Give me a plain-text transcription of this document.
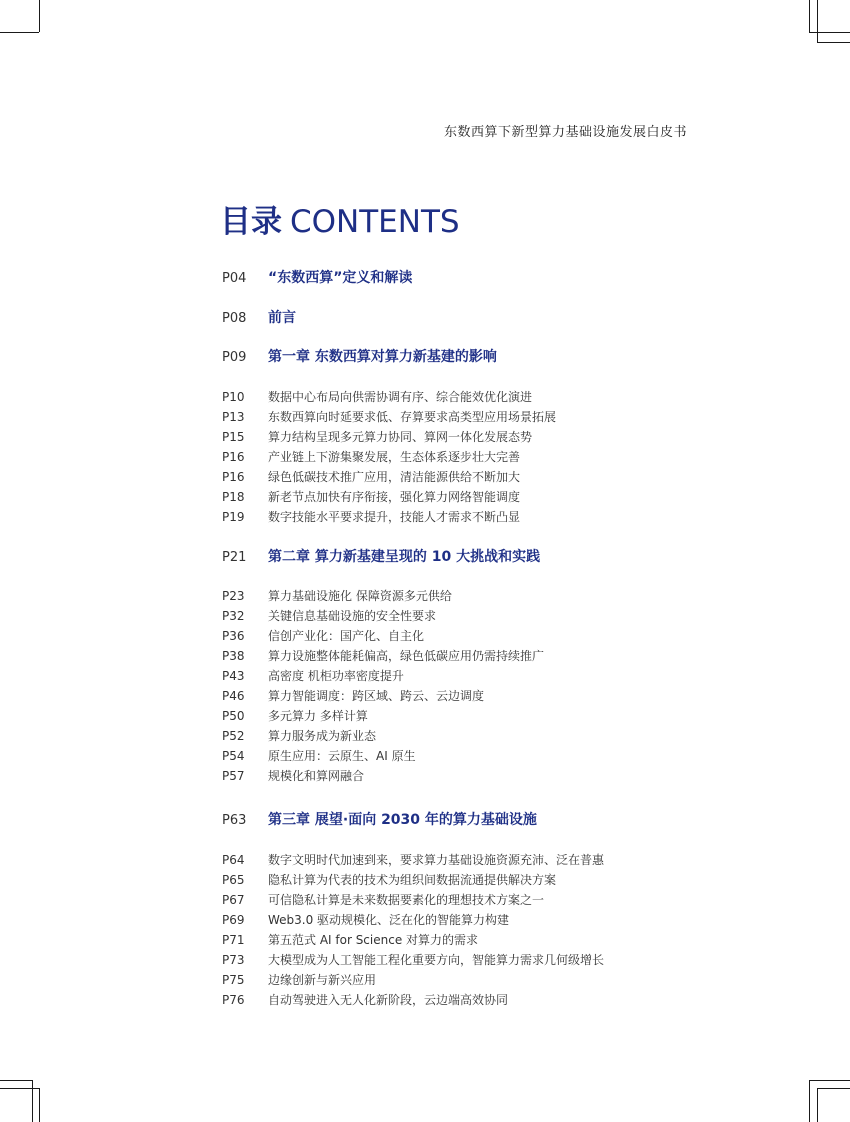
东数西算下新型算力基础设施发展白皮书
目录 CONTENTS
P04 “东数西算”定义和解读
P08 前言
P09 第一章 东数西算对算力新基建的影响
P10 数据中心布局向供需协调有序、综合能效优化演进
P13 东数西算向时延要求低、存算要求高类型应用场景拓展
P15 算力结构呈现多元算力协同、算网一体化发展态势
P16 产业链上下游集聚发展，生态体系逐步壮大完善
P16 绿色低碳技术推广应用，清洁能源供给不断加大
P18 新老节点加快有序衔接，强化算力网络智能调度
P19 数字技能水平要求提升，技能人才需求不断凸显
P21 第二章 算力新基建呈现的 10 大挑战和实践
P23 算力基础设施化 保障资源多元供给
P32 关键信息基础设施的安全性要求
P36 信创产业化：国产化、自主化
P38 算力设施整体能耗偏高，绿色低碳应用仍需持续推广
P43 高密度 机柜功率密度提升
P46 算力智能调度：跨区域、跨云、云边调度
P50 多元算力 多样计算
P52 算力服务成为新业态
P54 原生应用：云原生、AI 原生
P57 规模化和算网融合
P63 第三章 展望·面向 2030 年的算力基础设施
P64 数字文明时代加速到来，要求算力基础设施资源充沛、泛在普惠
P65 隐私计算为代表的技术为组织间数据流通提供解决方案
P67 可信隐私计算是未来数据要素化的理想技术方案之一
P69 Web3.0 驱动规模化、泛在化的智能算力构建
P71 第五范式 AI for Science 对算力的需求
P73 大模型成为人工智能工程化重要方向，智能算力需求几何级增长
P75 边缘创新与新兴应用
P76 自动驾驶进入无人化新阶段，云边端高效协同
